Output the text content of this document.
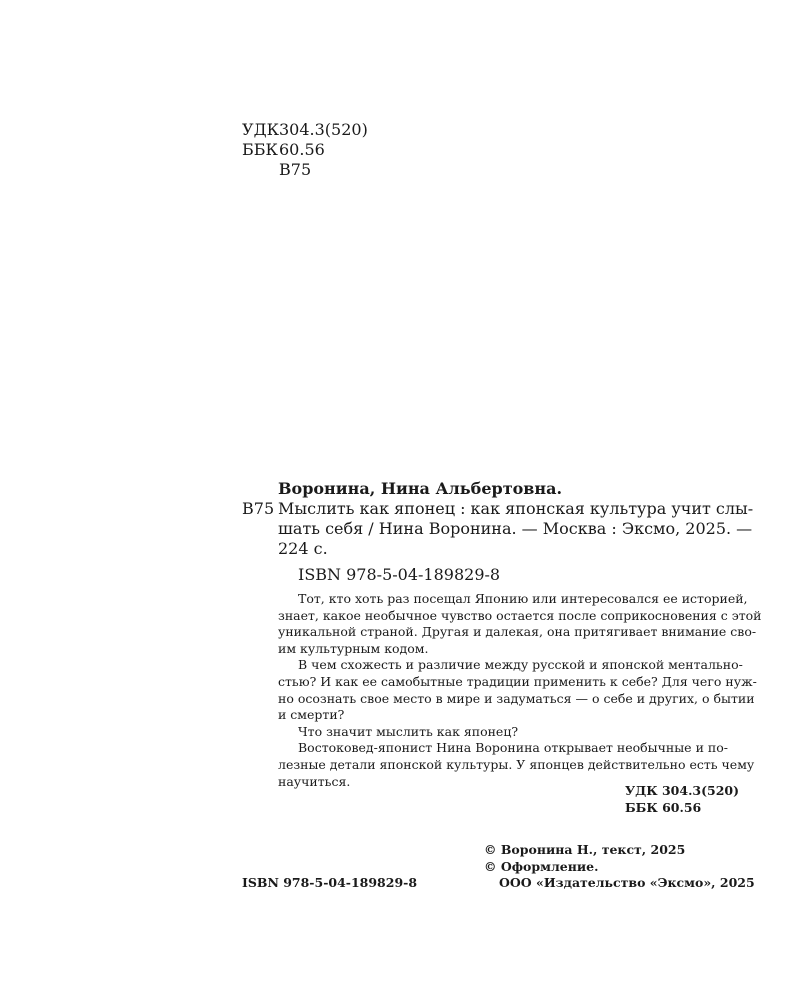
УДК304.3(520)
ББК60.56
В75
Воронина, Нина Альбертовна.
В75 Мыслить как японец : как японская культура учит слы-
шать себя / Нина Воронина. — Москва : Эксмо, 2025. —
224 с.
ISBN 978-5-04-189829-8
Тот, кто хоть раз посещал Японию или интересовался ее историей,
знает, какое необычное чувство остается после соприкосновения с этой
уникальной страной. Другая и далекая, она притягивает внимание сво-
им культурным кодом.
В чем схожесть и различие между русской и японской ментально-
стью? И как ее самобытные традиции применить к себе? Для чего нуж-
но осознать свое место в мире и задуматься — о себе и других, о бытии
и смерти?
Что значит мыслить как японец?
Востоковед-японист Нина Воронина открывает необычные и по-
лезные детали японской культуры. У японцев действительно есть чему
научиться.
УДК 304.3(520)
ББК 60.56
© Воронина Н., текст, 2025
© Оформление.
ООО «Издательство «Эксмо», 2025
ISBN 978-5-04-189829-8
